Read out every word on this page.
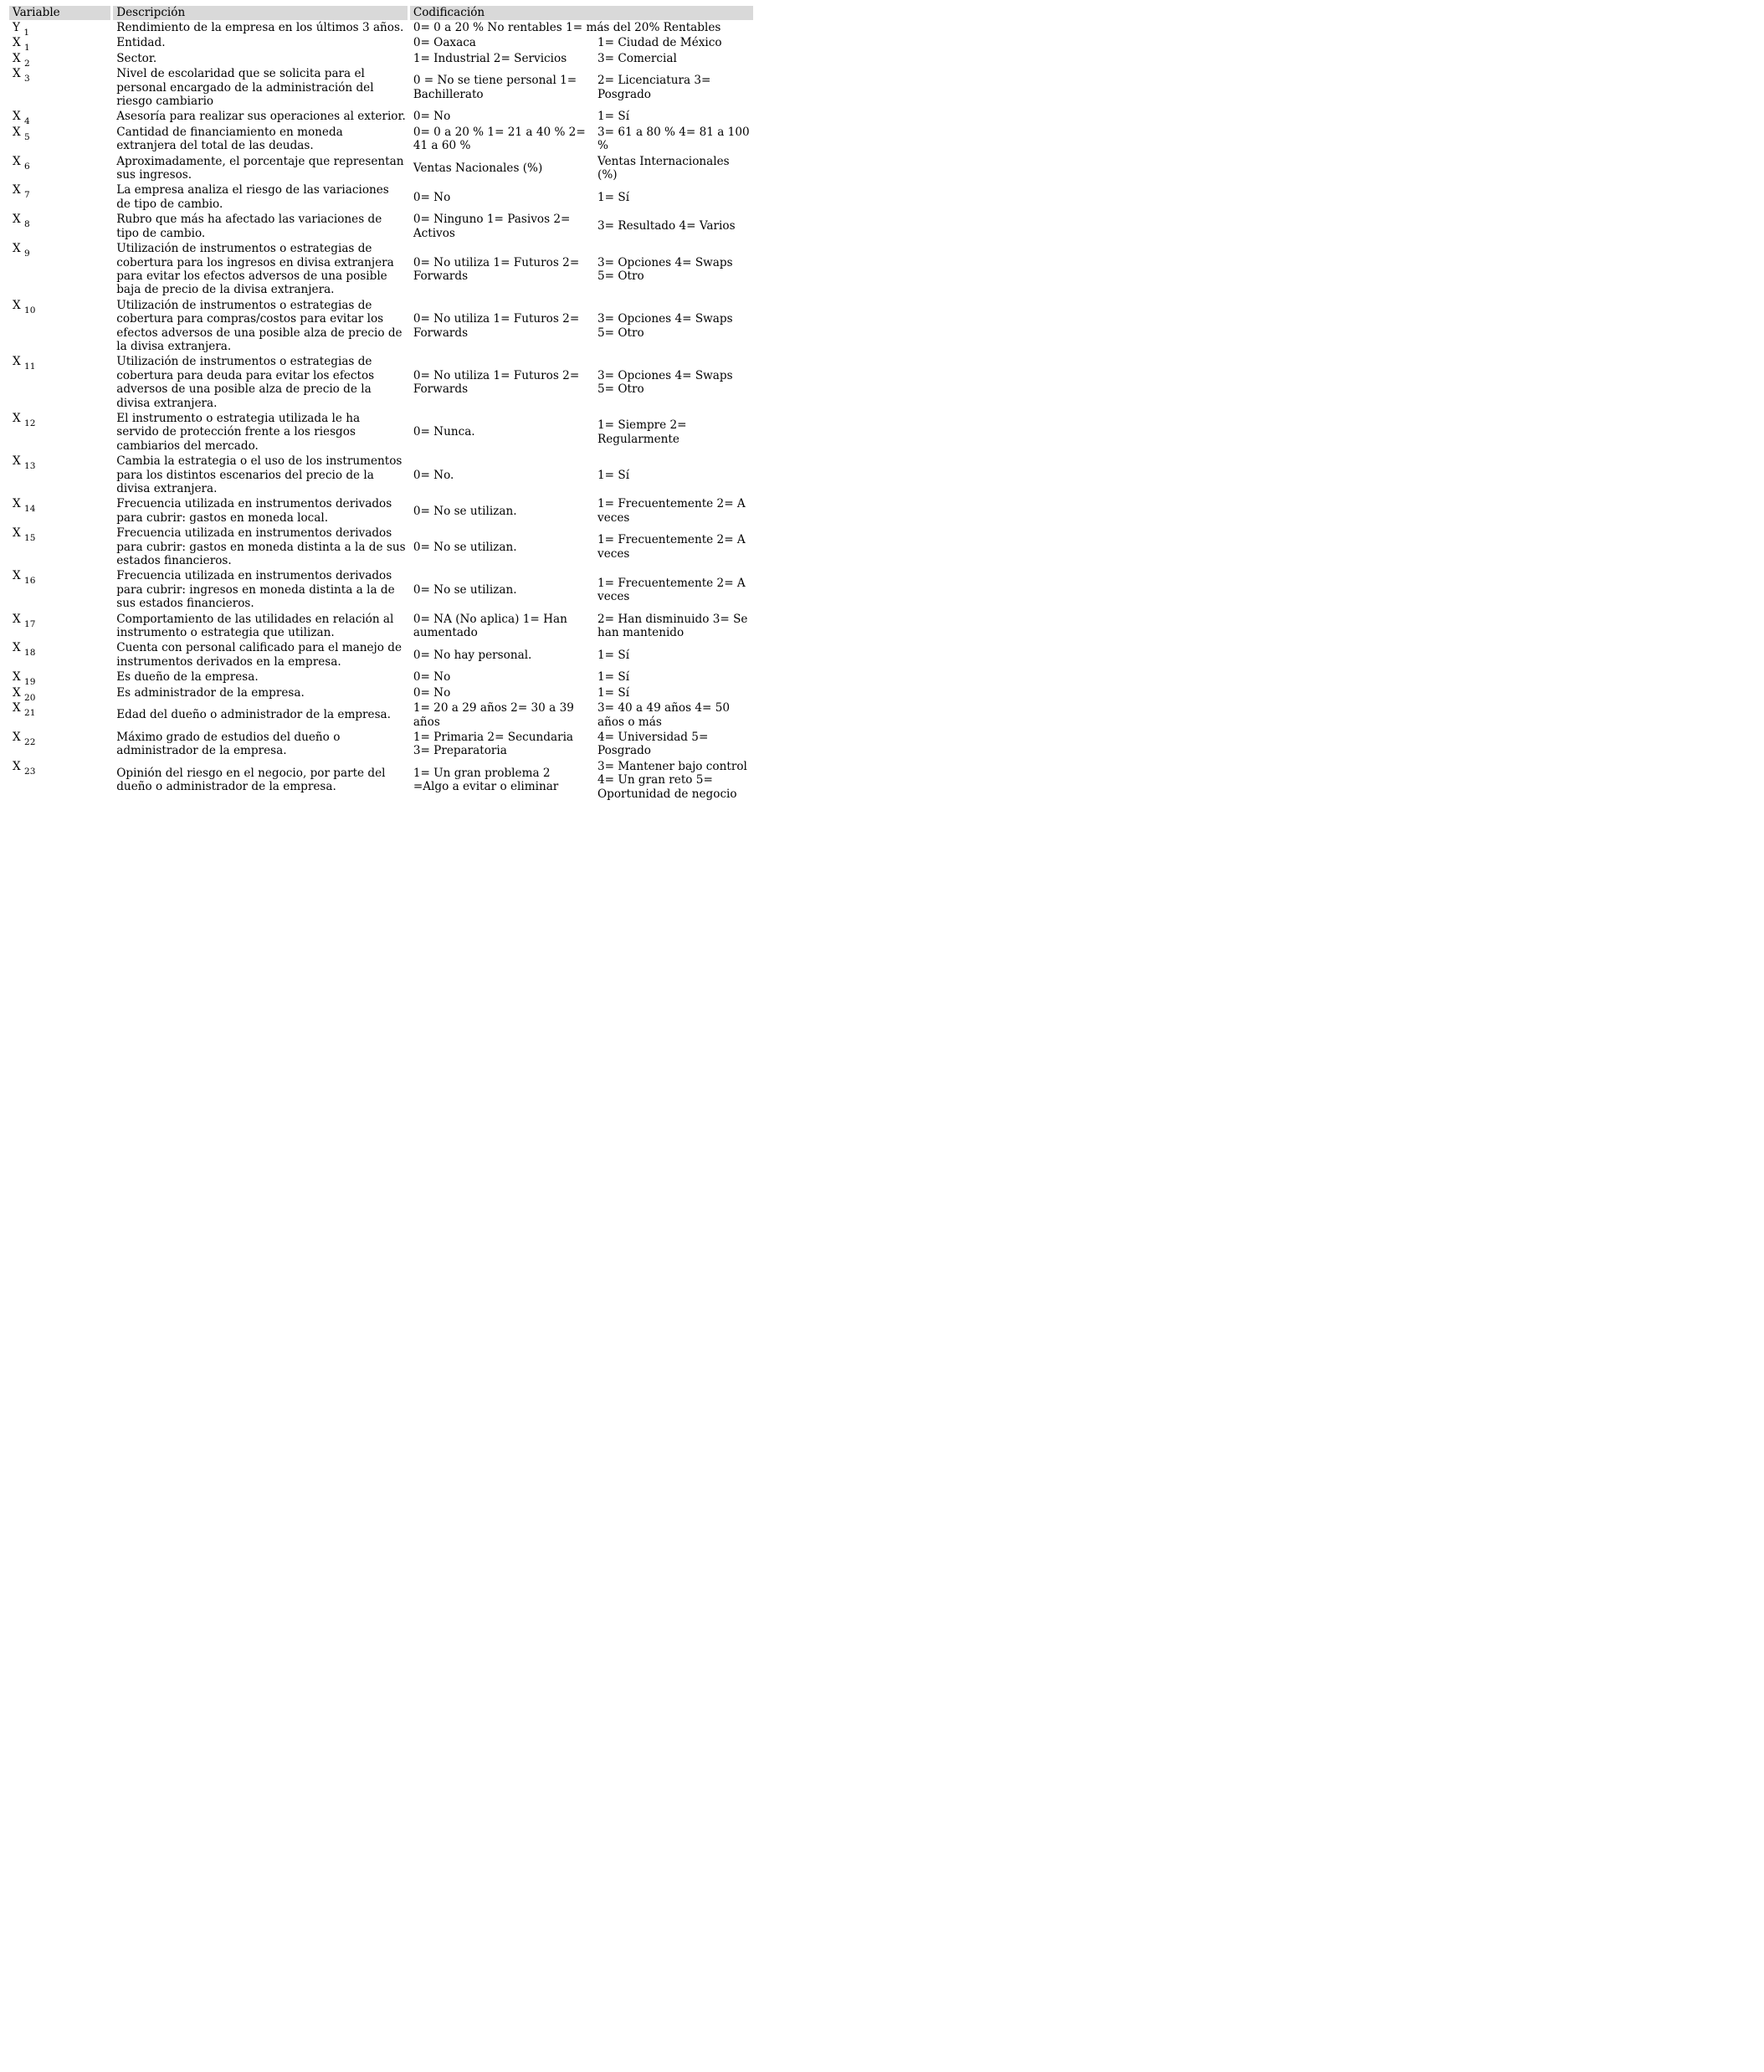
Variable	Descripción	Codificación	
Y $_1$	Rendimiento de la empresa en los últimos 3 años.	0= 0 a 20 % No rentables 1= más del 20% Rentables	
X $_1$	Entidad.	0= Oaxaca	1= Ciudad de México
X $_2$	Sector.	1= Industrial 2= Servicios	3= Comercial
X $_3$	Nivel de escolaridad que se solicita para el personal encargado de la administración del riesgo cambiario	0 = No se tiene personal 1= Bachillerato	2= Licenciatura 3= Posgrado
X $_4$	Asesoría para realizar sus operaciones al exterior.	0= No	1= Sí
X $_5$	Cantidad de financiamiento en moneda extranjera del total de las deudas.	0= 0 a 20 % 1= 21 a 40 % 2= 41 a 60 %	3= 61 a 80 % 4= 81 a 100 %
X $_6$	Aproximadamente, el porcentaje que representan sus ingresos.	Ventas Nacionales (%)	Ventas Internacionales (%)
X $_7$	La empresa analiza el riesgo de las variaciones de tipo de cambio.	0= No	1= Sí
X $_8$	Rubro que más ha afectado las variaciones de tipo de cambio.	0= Ninguno 1= Pasivos 2= Activos	3= Resultado 4= Varios
X $_9$	Utilización de instrumentos o estrategias de cobertura para los ingresos en divisa extranjera para evitar los efectos adversos de una posible baja de precio de la divisa extranjera.	0= No utiliza 1= Futuros 2= Forwards	3= Opciones 4= Swaps 5= Otro
X $_{10}$	Utilización de instrumentos o estrategias de cobertura para compras/costos para evitar los efectos adversos de una posible alza de precio de la divisa extranjera.	0= No utiliza 1= Futuros 2= Forwards	3= Opciones 4= Swaps 5= Otro
X $_{11}$	Utilización de instrumentos o estrategias de cobertura para deuda para evitar los efectos adversos de una posible alza de precio de la divisa extranjera.	0= No utiliza 1= Futuros 2= Forwards	3= Opciones 4= Swaps 5= Otro
X $_{12}$	El instrumento o estrategia utilizada le ha servido de protección frente a los riesgos cambiarios del mercado.	0= Nunca.	1= Siempre 2= Regularmente
X $_{13}$	Cambia la estrategia o el uso de los instrumentos para los distintos escenarios del precio de la divisa extranjera.	0= No.	1= Sí
X $_{14}$	Frecuencia utilizada en instrumentos derivados para cubrir: gastos en moneda local.	0= No se utilizan.	1= Frecuentemente 2= A veces
X $_{15}$	Frecuencia utilizada en instrumentos derivados para cubrir: gastos en moneda distinta a la de sus estados financieros.	0= No se utilizan.	1= Frecuentemente 2= A veces
X $_{16}$	Frecuencia utilizada en instrumentos derivados para cubrir: ingresos en moneda distinta a la de sus estados financieros.	0= No se utilizan.	1= Frecuentemente 2= A veces
X $_{17}$	Comportamiento de las utilidades en relación al instrumento o estrategia que utilizan.	0= NA (No aplica) 1= Han aumentado	2= Han disminuido 3= Se han mantenido
X $_{18}$	Cuenta con personal calificado para el manejo de instrumentos derivados en la empresa.	0= No hay personal.	1= Sí
X $_{19}$	Es dueño de la empresa.	0= No	1= Sí
X $_{20}$	Es administrador de la empresa.	0= No	1= Sí
X $_{21}$	Edad del dueño o administrador de la empresa.	1= 20 a 29 años 2= 30 a 39 años	3= 40 a 49 años 4= 50 años o más
X $_{22}$	Máximo grado de estudios del dueño o administrador de la empresa.	1= Primaria 2= Secundaria 3= Preparatoria	4= Universidad 5= Posgrado
X $_{23}$	Opinión del riesgo en el negocio, por parte del dueño o administrador de la empresa.	1= Un gran problema 2 =Algo a evitar o eliminar	3= Mantener bajo control 4= Un gran reto 5= Oportunidad de negocio
